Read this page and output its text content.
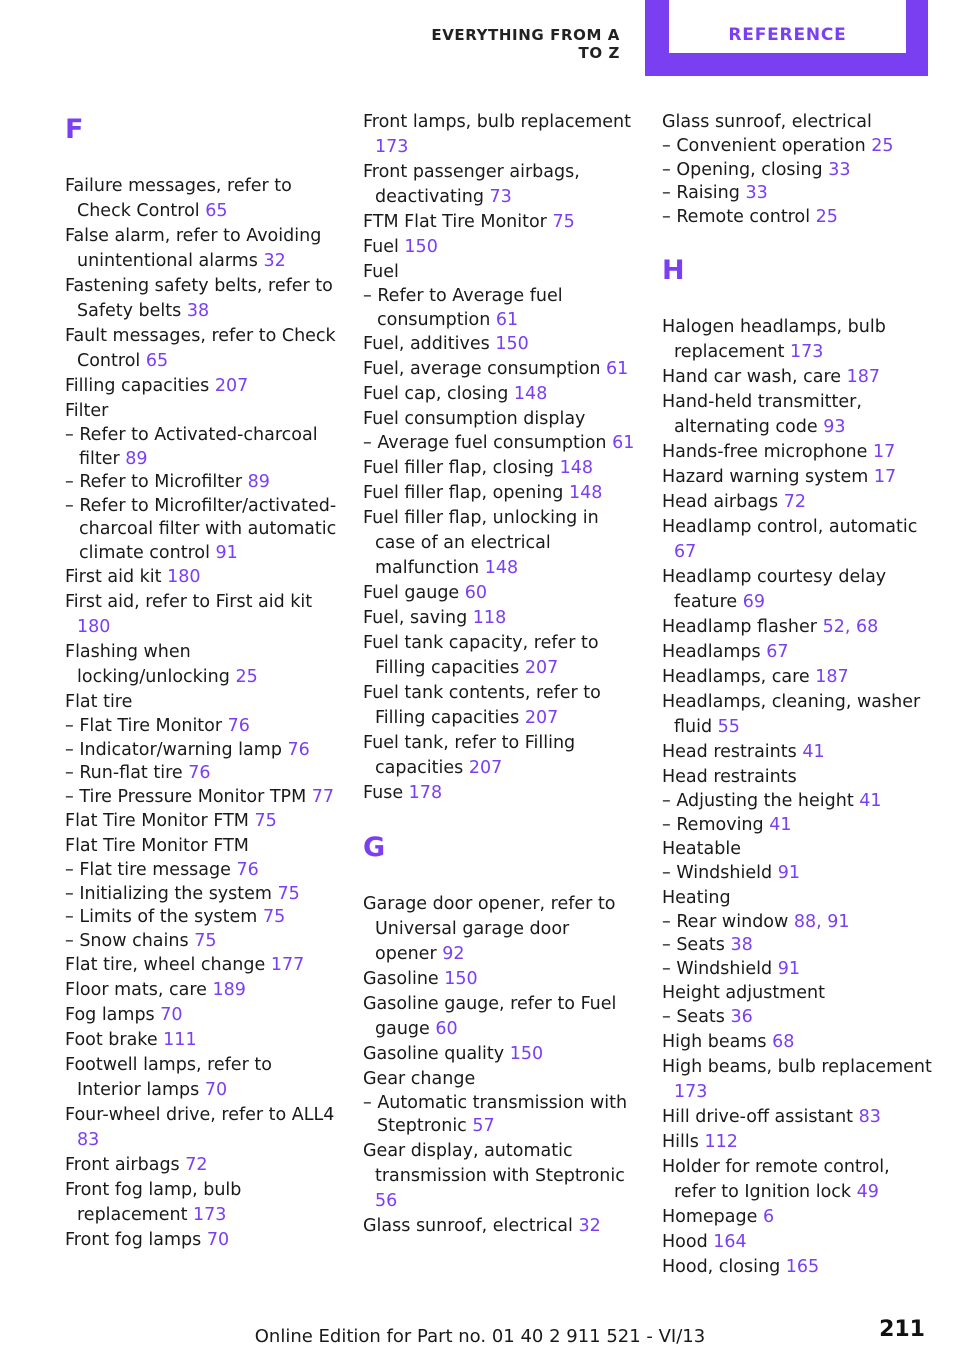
EVERYTHING FROM A TO Z
REFERENCE
F
Failure messages, refer to Check Control 65
False alarm, refer to Avoiding unintentional alarms 32
Fastening safety belts, refer to Safety belts 38
Fault messages, refer to Check Control 65
Filling capacities 207
Filter
– Refer to Activated-charcoal filter 89
– Refer to Microfilter 89
– Refer to Microfilter/activated-charcoal filter with automatic climate control 91
First aid kit 180
First aid, refer to First aid kit 180
Flashing when locking/unlocking 25
Flat tire
– Flat Tire Monitor 76
– Indicator/warning lamp 76
– Run-flat tire 76
– Tire Pressure Monitor TPM 77
Flat Tire Monitor FTM 75
Flat Tire Monitor FTM
– Flat tire message 76
– Initializing the system 75
– Limits of the system 75
– Snow chains 75
Flat tire, wheel change 177
Floor mats, care 189
Fog lamps 70
Foot brake 111
Footwell lamps, refer to Interior lamps 70
Four-wheel drive, refer to ALL4 83
Front airbags 72
Front fog lamp, bulb replacement 173
Front fog lamps 70
Front lamps, bulb replacement 173
Front passenger airbags, deactivating 73
FTM Flat Tire Monitor 75
Fuel 150
Fuel
– Refer to Average fuel consumption 61
Fuel, additives 150
Fuel, average consumption 61
Fuel cap, closing 148
Fuel consumption display
– Average fuel consumption 61
Fuel filler flap, closing 148
Fuel filler flap, opening 148
Fuel filler flap, unlocking in case of an electrical malfunction 148
Fuel gauge 60
Fuel, saving 118
Fuel tank capacity, refer to Filling capacities 207
Fuel tank contents, refer to Filling capacities 207
Fuel tank, refer to Filling capacities 207
Fuse 178
G
Garage door opener, refer to Universal garage door opener 92
Gasoline 150
Gasoline gauge, refer to Fuel gauge 60
Gasoline quality 150
Gear change
– Automatic transmission with Steptronic 57
Gear display, automatic transmission with Steptronic 56
Glass sunroof, electrical 32
Glass sunroof, electrical
– Convenient operation 25
– Opening, closing 33
– Raising 33
– Remote control 25
H
Halogen headlamps, bulb replacement 173
Hand car wash, care 187
Hand-held transmitter, alternating code 93
Hands-free microphone 17
Hazard warning system 17
Head airbags 72
Headlamp control, automatic 67
Headlamp courtesy delay feature 69
Headlamp flasher 52, 68
Headlamps 67
Headlamps, care 187
Headlamps, cleaning, washer fluid 55
Head restraints 41
Head restraints
– Adjusting the height 41
– Removing 41
Heatable
– Windshield 91
Heating
– Rear window 88, 91
– Seats 38
– Windshield 91
Height adjustment
– Seats 36
High beams 68
High beams, bulb replacement 173
Hill drive-off assistant 83
Hills 112
Holder for remote control, refer to Ignition lock 49
Homepage 6
Hood 164
Hood, closing 165
211
Online Edition for Part no. 01 40 2 911 521 - VI/13
